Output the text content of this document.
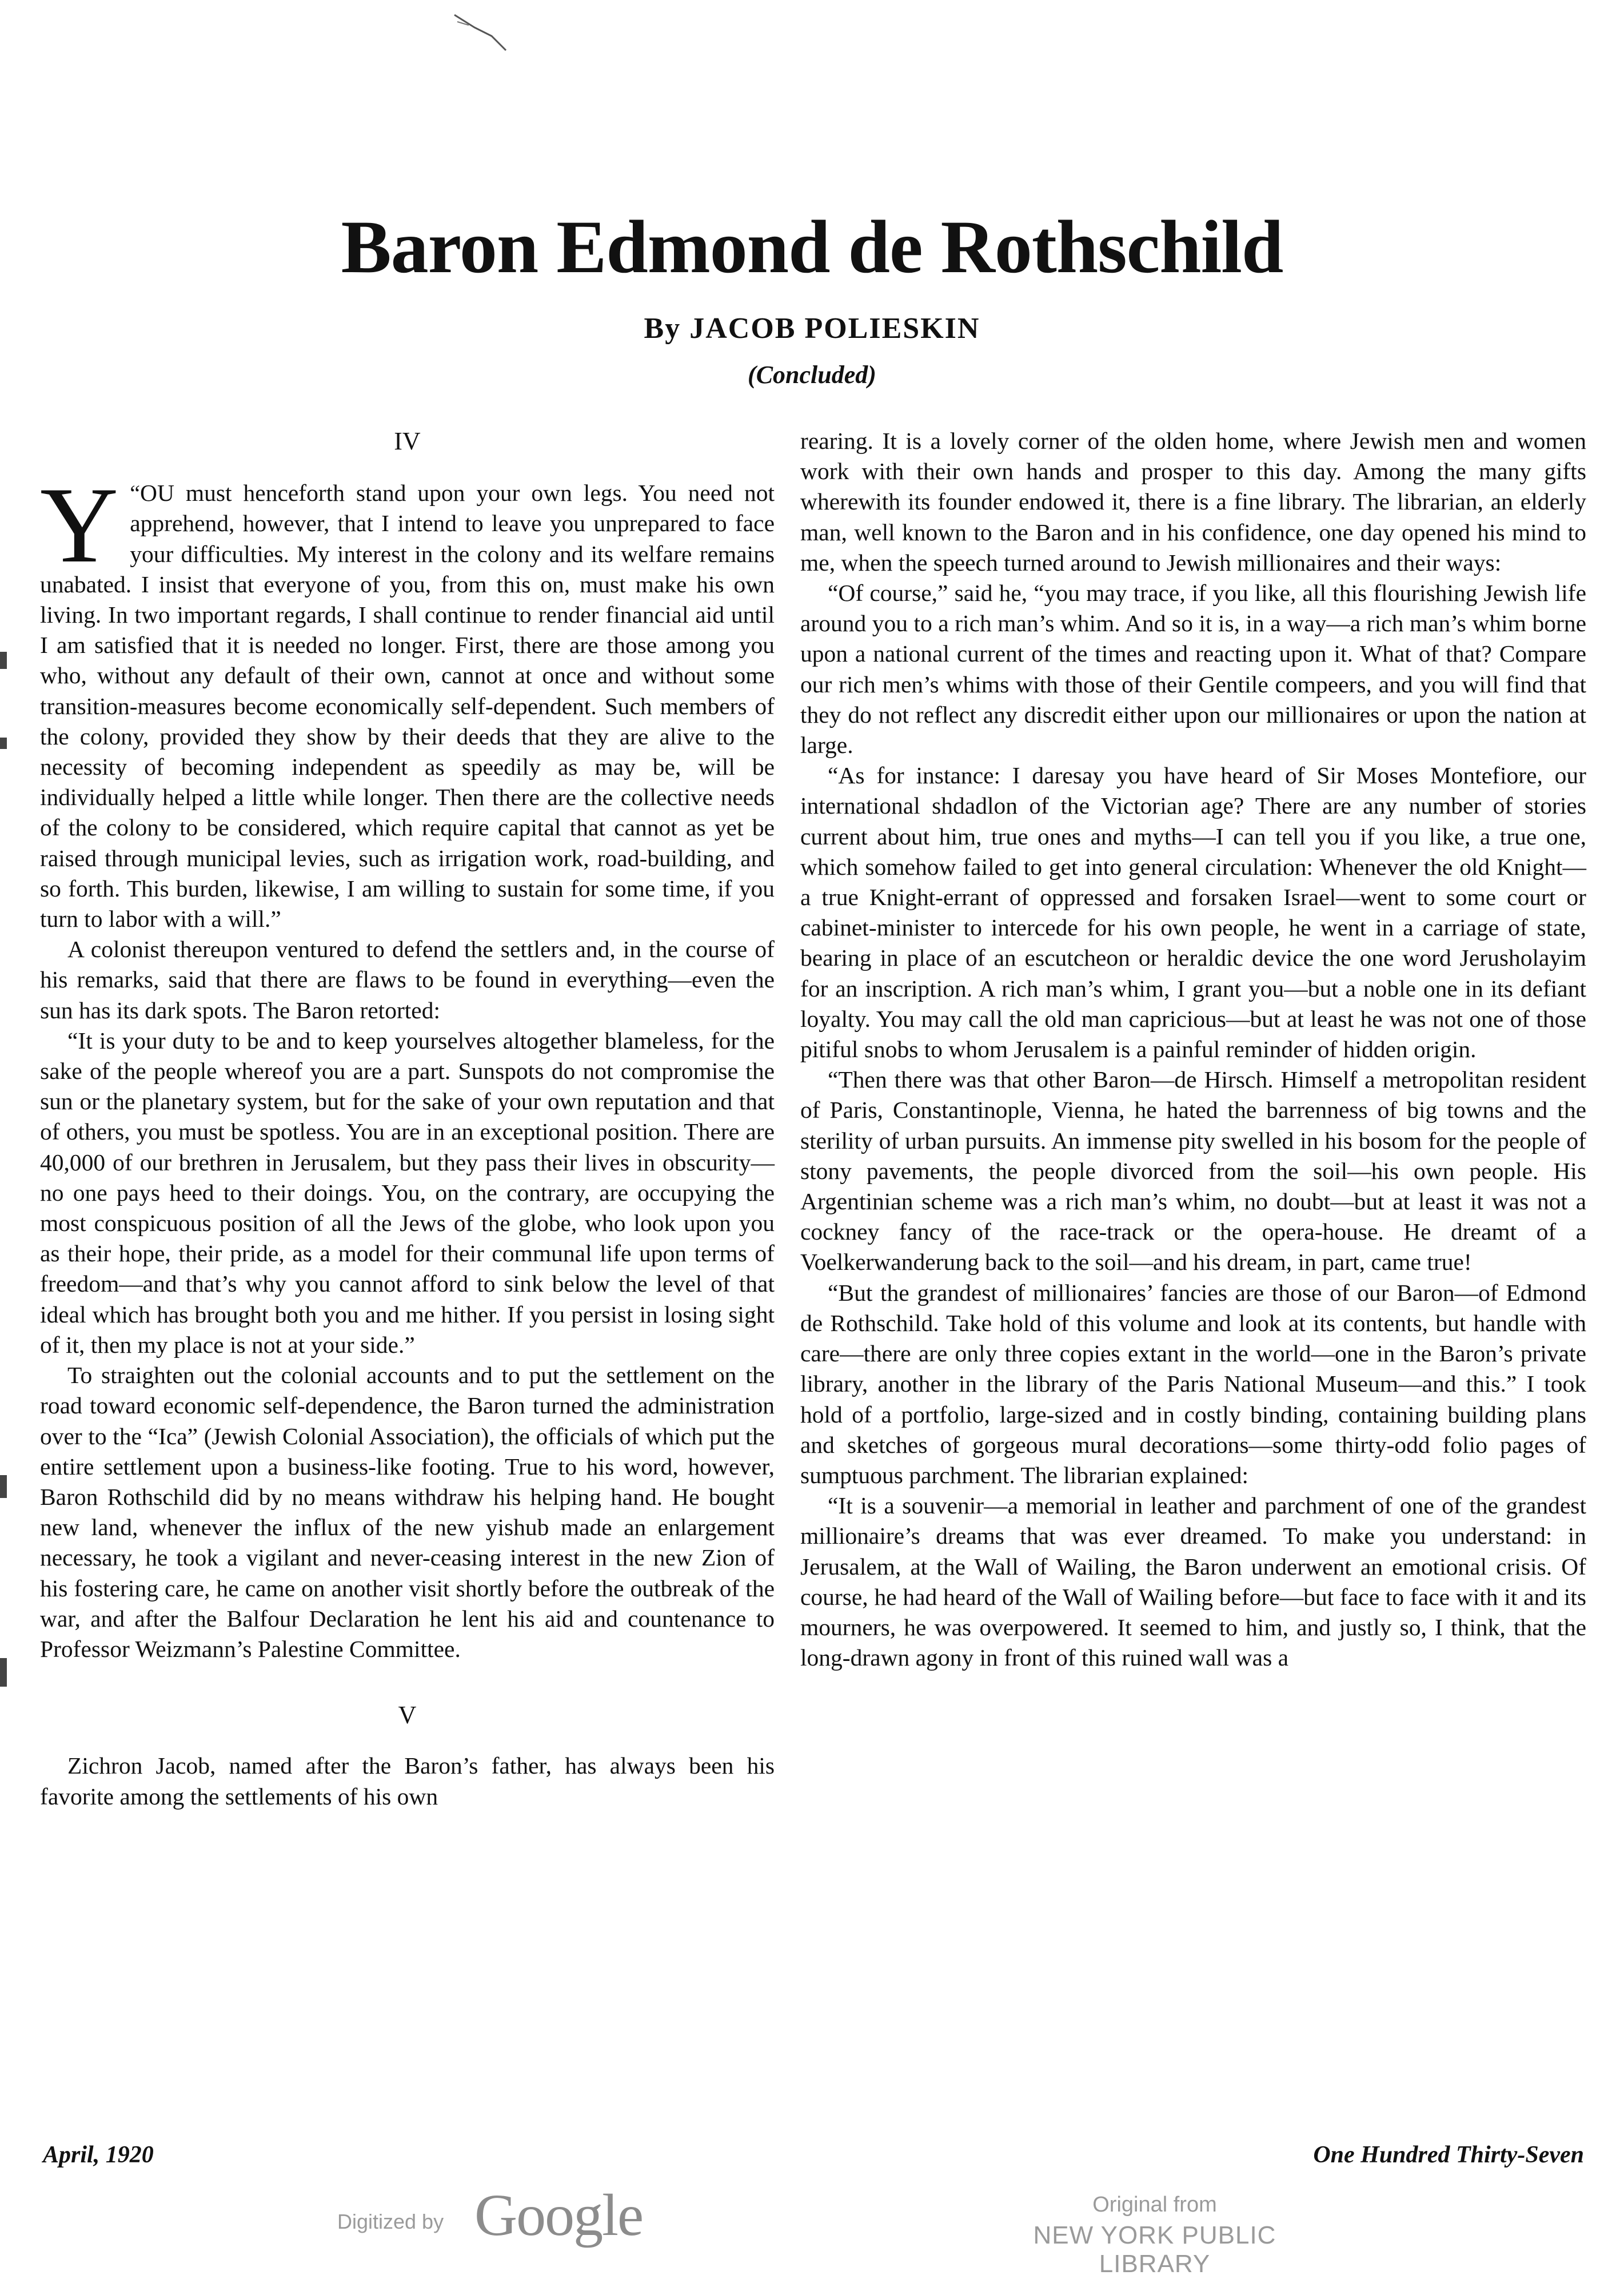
Baron Edmond de Rothschild
By JACOB POLIESKIN
(Concluded)
IV

“
Y OU must henceforth stand upon your own legs. You need not apprehend, however, that I intend to leave you unprepared to face your difficulties. My interest in the colony and its welfare remains unabated. I insist that everyone of you, from this on, must make his own living. In two important regards, I shall continue to render financial aid until I am satisfied that it is needed no longer. First, there are those among you who, without any default of their own, cannot at once and without some transition-measures become economically self-dependent. Such members of the colony, provided they show by their deeds that they are alive to the necessity of becoming independent as speedily as may be, will be individually helped a little while longer. Then there are the collective needs of the colony to be considered, which require capital that cannot as yet be raised through municipal levies, such as irrigation work, road-building, and so forth. This burden, likewise, I am willing to sustain for some time, if you turn to labor with a will.”

A colonist thereupon ventured to defend the settlers and, in the course of his remarks, said that there are flaws to be found in everything—even the sun has its dark spots. The Baron retorted:

“It is your duty to be and to keep yourselves altogether blameless, for the sake of the people whereof you are a part. Sunspots do not compromise the sun or the planetary system, but for the sake of your own reputation and that of others, you must be spotless. You are in an exceptional position. There are 40,000 of our brethren in Jerusalem, but they pass their lives in obscurity—no one pays heed to their doings. You, on the contrary, are occupying the most conspicuous position of all the Jews of the globe, who look upon you as their hope, their pride, as a model for their communal life upon terms of freedom—and that’s why you cannot afford to sink below the level of that ideal which has brought both you and me hither. If you persist in losing sight of it, then my place is not at your side.”

To straighten out the colonial accounts and to put the settlement on the road toward economic self-dependence, the Baron turned the administration over to the “Ica” (Jewish Colonial Association), the officials of which put the entire settlement upon a business-like footing. True to his word, however, Baron Rothschild did by no means withdraw his helping hand. He bought new land, whenever the influx of the new yishub made an enlargement necessary, he took a vigilant and never-ceasing interest in the new Zion of his fostering care, he came on another visit shortly before the outbreak of the war, and after the Balfour Declaration he lent his aid and countenance to Professor Weizmann’s Palestine Committee.

V

Zichron Jacob, named after the Baron’s father, has always been his favorite among the settlements of his own

rearing. It is a lovely corner of the olden home, where Jewish men and women work with their own hands and prosper to this day. Among the many gifts wherewith its founder endowed it, there is a fine library. The librarian, an elderly man, well known to the Baron and in his confidence, one day opened his mind to me, when the speech turned around to Jewish millionaires and their ways:

“Of course,” said he, “you may trace, if you like, all this flourishing Jewish life around you to a rich man’s whim. And so it is, in a way—a rich man’s whim borne upon a national current of the times and reacting upon it. What of that? Compare our rich men’s whims with those of their Gentile compeers, and you will find that they do not reflect any discredit either upon our millionaires or upon the nation at large.

“As for instance: I daresay you have heard of Sir Moses Montefiore, our international shdadlon of the Victorian age? There are any number of stories current about him, true ones and myths—I can tell you if you like, a true one, which somehow failed to get into general circulation: Whenever the old Knight—a true Knight-errant of oppressed and forsaken Israel—went to some court or cabinet-minister to intercede for his own people, he went in a carriage of state, bearing in place of an escutcheon or heraldic device the one word Jerusholayim for an inscription. A rich man’s whim, I grant you—but a noble one in its defiant loyalty. You may call the old man capricious—but at least he was not one of those pitiful snobs to whom Jerusalem is a painful reminder of hidden origin.

“Then there was that other Baron—de Hirsch. Himself a metropolitan resident of Paris, Constantinople, Vienna, he hated the barrenness of big towns and the sterility of urban pursuits. An immense pity swelled in his bosom for the people of stony pavements, the people divorced from the soil—his own people. His Argentinian scheme was a rich man’s whim, no doubt—but at least it was not a cockney fancy of the race-track or the opera-house. He dreamt of a Voelkerwanderung back to the soil—and his dream, in part, came true!

“But the grandest of millionaires’ fancies are those of our Baron—of Edmond de Rothschild. Take hold of this volume and look at its contents, but handle with care—there are only three copies extant in the world—one in the Baron’s private library, another in the library of the Paris National Museum—and this.” I took hold of a portfolio, large-sized and in costly binding, containing building plans and sketches of gorgeous mural decorations—some thirty-odd folio pages of sumptuous parchment. The librarian explained:

“It is a souvenir—a memorial in leather and parchment of one of the grandest millionaire’s dreams that was ever dreamed. To make you understand: in Jerusalem, at the Wall of Wailing, the Baron underwent an emotional crisis. Of course, he had heard of the Wall of Wailing before—but face to face with it and its mourners, he was overpowered. It seemed to him, and justly so, I think, that the long-drawn agony in front of this ruined wall was a

April, 1920	One Hundred Thirty-Seven
Digitized by Google	Original from
NEW YORK PUBLIC LIBRARY
